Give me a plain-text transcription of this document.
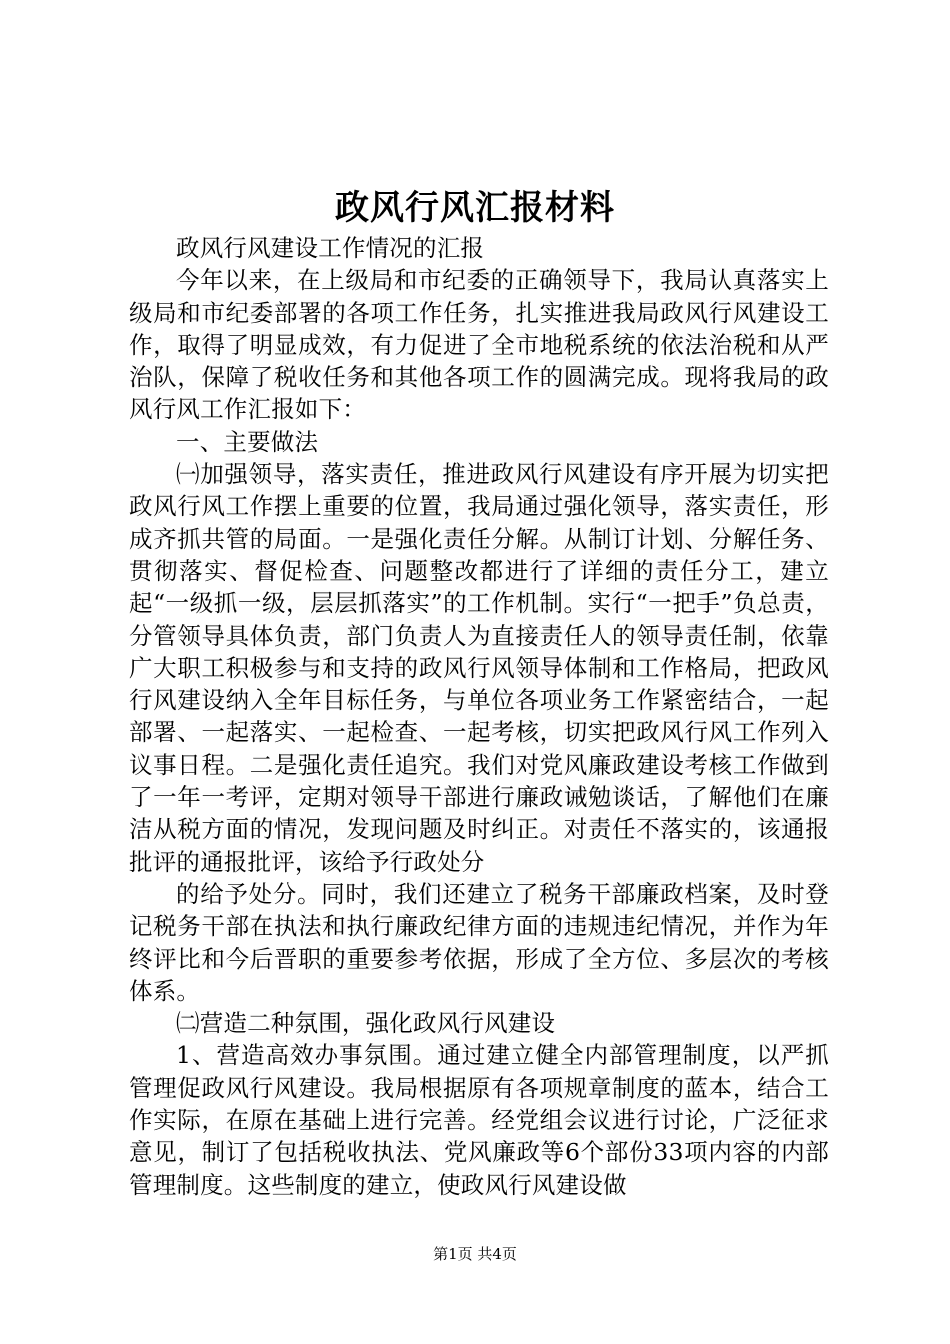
政风行风汇报材料

政风行风建设工作情况的汇报

今年以来，在上级局和市纪委的正确领导下，我局认真落实上级局和市纪委部署的各项工作任务，扎实推进我局政风行风建设工作，取得了明显成效，有力促进了全市地税系统的依法治税和从严治队，保障了税收任务和其他各项工作的圆满完成。现将我局的政风行风工作汇报如下：

一、主要做法

㈠加强领导，落实责任，推进政风行风建设有序开展为切实把政风行风工作摆上重要的位置，我局通过强化领导，落实责任，形成齐抓共管的局面。一是强化责任分解。从制订计划、分解任务、贯彻落实、督促检查、问题整改都进行了详细的责任分工，建立起“一级抓一级，层层抓落实”的工作机制。实行“一把手”负总责，分管领导具体负责，部门负责人为直接责任人的领导责任制，依靠广大职工积极参与和支持的政风行风领导体制和工作格局，把政风行风建设纳入全年目标任务，与单位各项业务工作紧密结合，一起部署、一起落实、一起检查、一起考核，切实把政风行风工作列入议事日程。二是强化责任追究。我们对党风廉政建设考核工作做到了一年一考评，定期对领导干部进行廉政诫勉谈话，了解他们在廉洁从税方面的情况，发现问题及时纠正。对责任不落实的，该通报批评的通报批评，该给予行政处分

的给予处分。同时，我们还建立了税务干部廉政档案，及时登记税务干部在执法和执行廉政纪律方面的违规违纪情况，并作为年终评比和今后晋职的重要参考依据，形成了全方位、多层次的考核体系。

㈡营造二种氛围，强化政风行风建设

1、营造高效办事氛围。通过建立健全内部管理制度，以严抓管理促政风行风建设。我局根据原有各项规章制度的蓝本，结合工作实际，在原在基础上进行完善。经党组会议进行讨论，广泛征求意见，制订了包括税收执法、党风廉政等6个部份33项内容的内部管理制度。这些制度的建立，使政风行风建设做

第1页 共4页
